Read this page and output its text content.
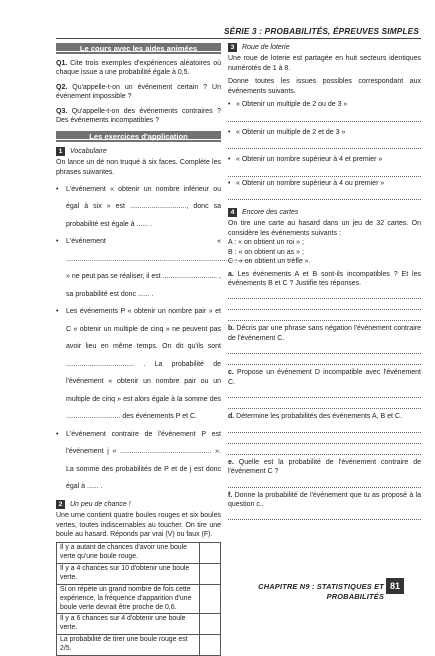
SÉRIE 3 : PROBABILITÉS, ÉPREUVES SIMPLES
Le cours avec les aides animées
Q1. Cite trois exemples d'expériences aléatoires où chaque issue a une probabilité égale à 0,5.
Q2. Qu'appelle-t-on un événement certain ? Un événement impossible ?
Q3. Qu'appelle-t-on des événements contraires ? Des événements incompatibles ?
Les exercices d'application
1	Vocabulaire
On lance un dé non truqué à six faces. Complète les phrases suivantes.
• L'événement « obtenir un nombre inférieur ou égal à six » est ............................., donc sa probabilité est égale à ...... .
• L'événement « ............................................................................................... » ne peut pas se réaliser, il est ............................ , sa probabilité est donc ...... .
• Les événements P « obtenir un nombre pair » et C « obtenir un multiple de cinq » ne peuvent pas avoir lieu en même temps. On dit qu'ils sont ................................... . La probabilité de l'événement « obtenir un nombre pair ou un multiple de cinq » est alors égale à la somme des ............................ des événements P et C.
• L'événement contraire de l'événement P est l'événement j « ............................................... ». La somme des probabilités de P et de j est donc égal à ...... .
2	Un peu de chance !
Une urne contient quatre boules rouges et six boules vertes, toutes indiscernables au toucher. On tire une boule au hasard. Réponds par vrai (V) ou faux (F).
Il y a autant de chances d'avoir une boule verte qu'une boule rouge.	
Il y a 4 chances sur 10 d'obtenir une boule verte.	
Si on répète un grand nombre de fois cette expérience, la fréquence d'apparition d'une boule verte devrait être proche de 0,6.	
Il y a 6 chances sur 4 d'obtenir une boule verte.	
La probabilité de tirer une boule rouge est 2/5.	
3	Roue de loterie
Une roue de loterie est partagée en huit secteurs identiques numérotés de 1 à 8.
Donne toutes les issues possibles correspondant aux événements suivants.
• « Obtenir un multiple de 2 ou de 3 »
• « Obtenir un multiple de 2 et de 3 »
• « Obtenir un nombre supérieur à 4 et premier »
• « Obtenir un nombre supérieur à 4 ou premier »
4	Encore des cartes
On tire une carte au hasard dans un jeu de 32 cartes. On considère les événements suivants :
A : « on obtient un roi » ;
B : « on obtient un as » ;
C : « on obtient un trèfle ».
a. Les événements A et B sont-ils incompatibles ? Et les événements B et C ? Justifie tes réponses.
b. Décris par une phrase sans négation l'événement contraire de l'événement C.
c. Propose un événement D incompatible avec l'événement C.
d. Détermine les probabilités des événements A, B et C.
e. Quelle est la probabilité de l'événement contraire de l'événement C ?
f. Donne la probabilité de l'événement que tu as proposé à la question c..
CHAPITRE N9 : STATISTIQUES ET PROBABILITÉS
81
